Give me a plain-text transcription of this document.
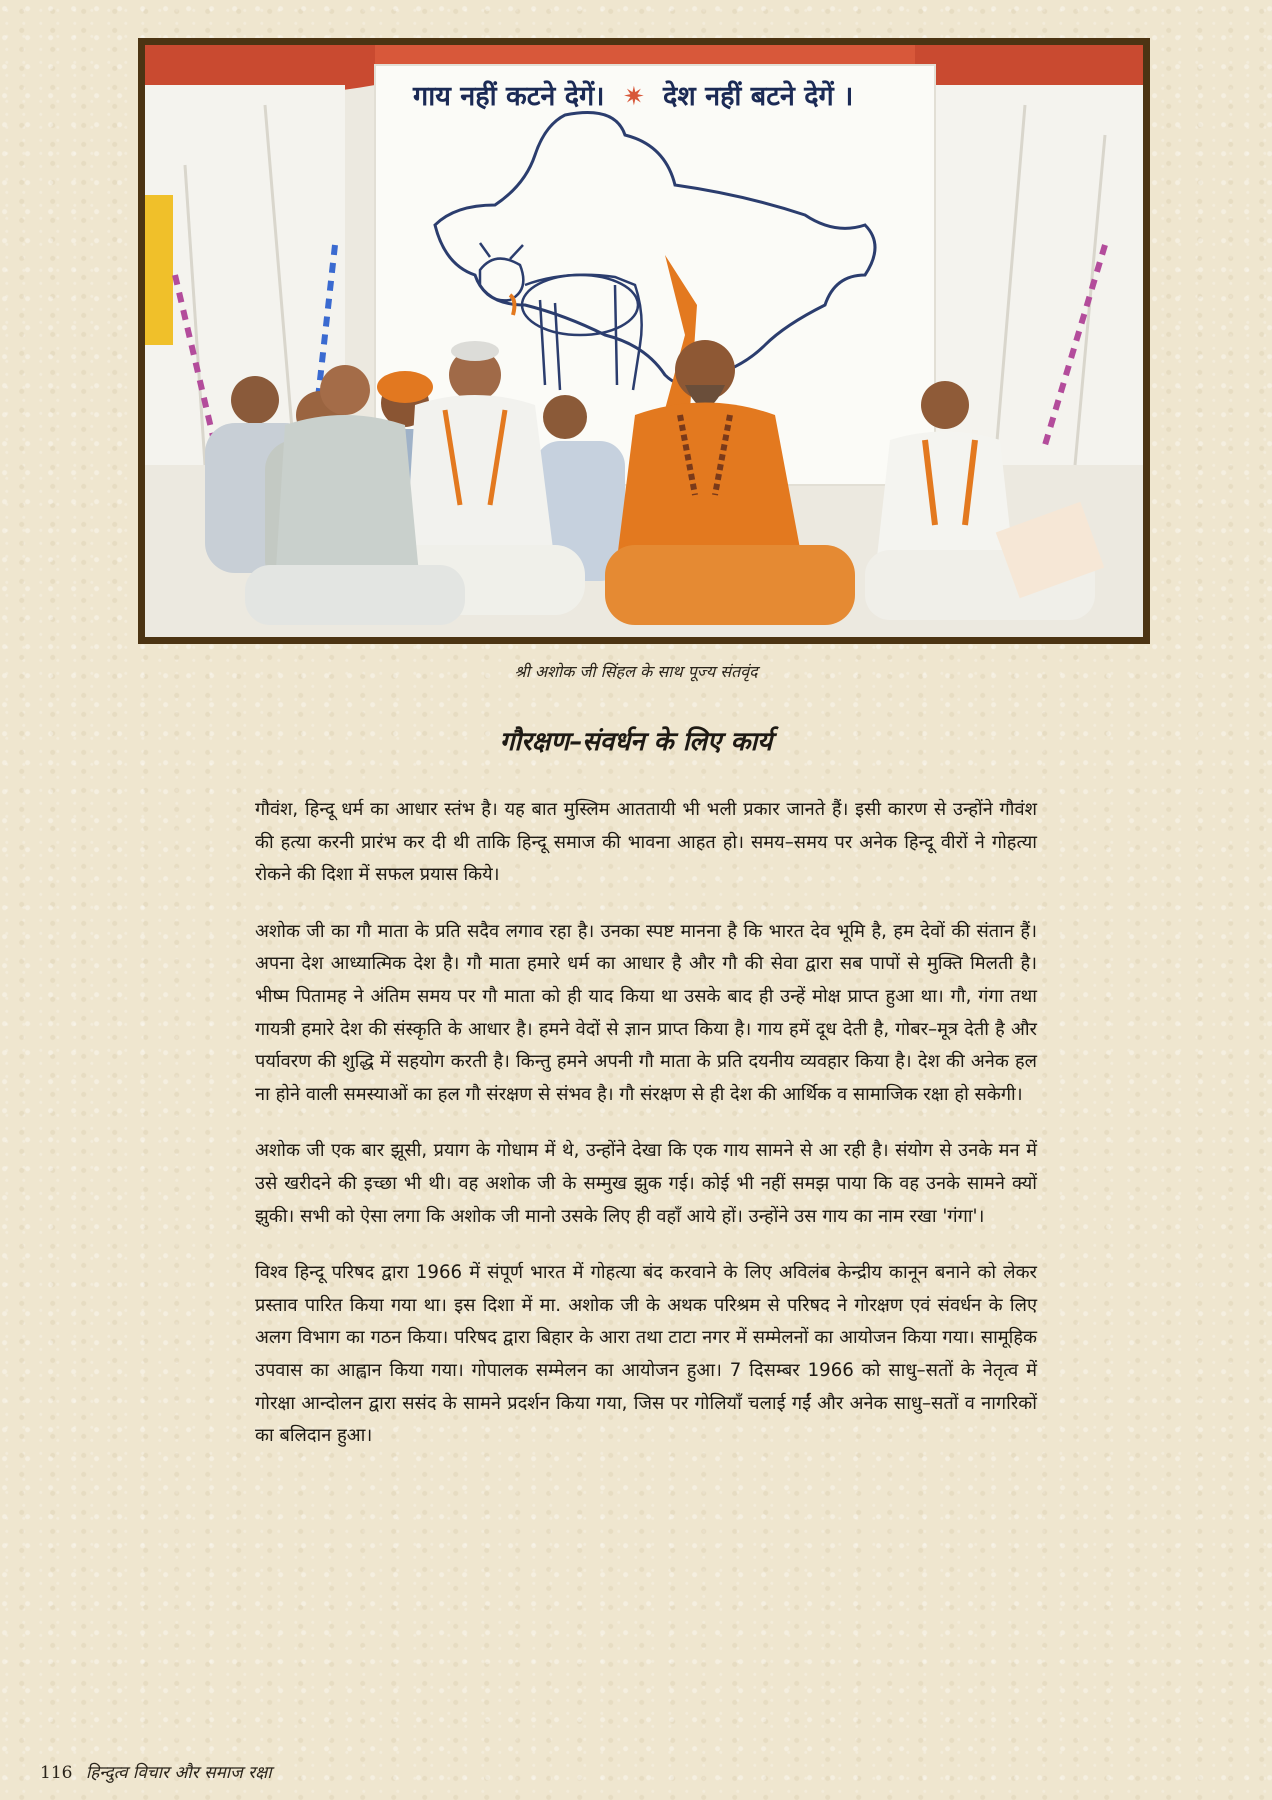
गाय नहीं कटने देगें। ✷ देश नहीं बटने देगें ।
श्री अशोक जी सिंहल के साथ पूज्य संतवृंद
गौरक्षण–संवर्धन के लिए कार्य

गौवंश, हिन्दू धर्म का आधार स्तंभ है। यह बात मुस्लिम आततायी भी भली प्रकार जानते हैं। इसी कारण से उन्होंने गौवंश की हत्या करनी प्रारंभ कर दी थी ताकि हिन्दू समाज की भावना आहत हो। समय–समय पर अनेक हिन्दू वीरों ने गोहत्या रोकने की दिशा में सफल प्रयास किये।

अशोक जी का गौ माता के प्रति सदैव लगाव रहा है। उनका स्पष्ट मानना है कि भारत देव भूमि है, हम देवों की संतान हैं। अपना देश आध्यात्मिक देश है। गौ माता हमारे धर्म का आधार है और गौ की सेवा द्वारा सब पापों से मुक्ति मिलती है। भीष्म पितामह ने अंतिम समय पर गौ माता को ही याद किया था उसके बाद ही उन्हें मोक्ष प्राप्त हुआ था। गौ, गंगा तथा गायत्री हमारे देश की संस्कृति के आधार है। हमने वेदों से ज्ञान प्राप्त किया है। गाय हमें दूध देती है, गोबर–मूत्र देती है और पर्यावरण की शुद्धि में सहयोग करती है। किन्तु हमने अपनी गौ माता के प्रति दयनीय व्यवहार किया है। देश की अनेक हल ना होने वाली समस्याओं का हल गौ संरक्षण से संभव है। गौ संरक्षण से ही देश की आर्थिक व सामाजिक रक्षा हो सकेगी।

अशोक जी एक बार झूसी, प्रयाग के गोधाम में थे, उन्होंने देखा कि एक गाय सामने से आ रही है। संयोग से उनके मन में उसे खरीदने की इच्छा भी थी। वह अशोक जी के सम्मुख झुक गई। कोई भी नहीं समझ पाया कि वह उनके सामने क्यों झुकी। सभी को ऐसा लगा कि अशोक जी मानो उसके लिए ही वहाँ आये हों। उन्होंने उस गाय का नाम रखा 'गंगा'।

विश्व हिन्दू परिषद द्वारा 1966 में संपूर्ण भारत में गोहत्या बंद करवाने के लिए अविलंब केन्द्रीय कानून बनाने को लेकर प्रस्ताव पारित किया गया था। इस दिशा में मा. अशोक जी के अथक परिश्रम से परिषद ने गोरक्षण एवं संवर्धन के लिए अलग विभाग का गठन किया। परिषद द्वारा बिहार के आरा तथा टाटा नगर में सम्मेलनों का आयोजन किया गया। सामूहिक उपवास का आह्वान किया गया। गोपालक सम्मेलन का आयोजन हुआ। 7 दिसम्बर 1966 को साधु–सतों के नेतृत्व में गोरक्षा आन्दोलन द्वारा ससंद के सामने प्रदर्शन किया गया, जिस पर गोलियाँ चलाई गईं और अनेक साधु–सतों व नागरिकों का बलिदान हुआ।

116 हिन्दुत्व विचार और समाज रक्षा
